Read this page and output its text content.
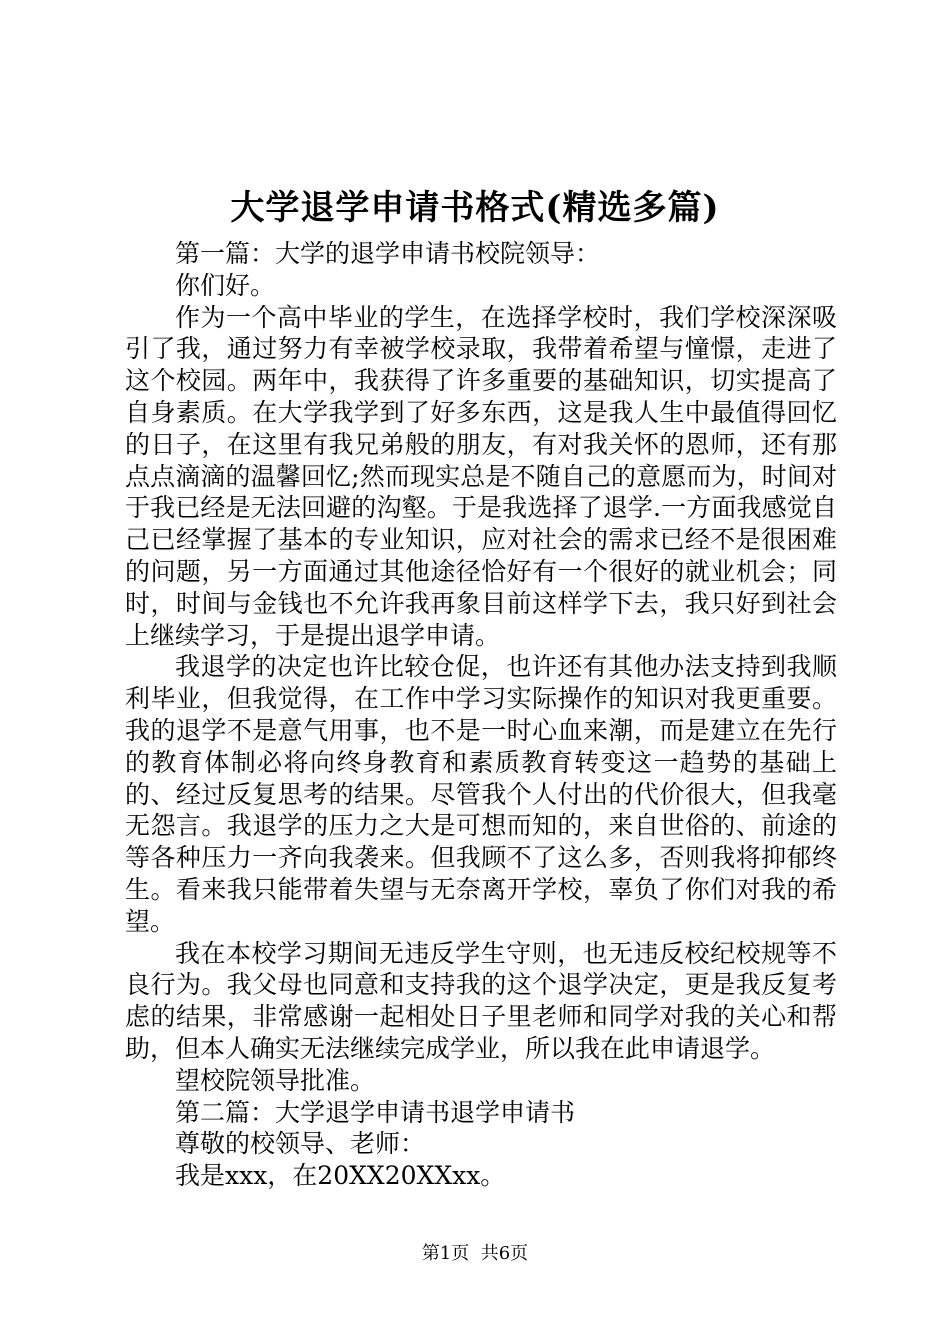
大学退学申请书格式(精选多篇)

第一篇：大学的退学申请书校院领导：

你们好。

作为一个高中毕业的学生，在选择学校时，我们学校深深吸引了我，通过努力有幸被学校录取，我带着希望与憧憬，走进了这个校园。两年中，我获得了许多重要的基础知识，切实提高了自身素质。在大学我学到了好多东西，这是我人生中最值得回忆的日子，在这里有我兄弟般的朋友，有对我关怀的恩师，还有那点点滴滴的温馨回忆;然而现实总是不随自己的意愿而为，时间对于我已经是无法回避的沟壑。于是我选择了退学.一方面我感觉自己已经掌握了基本的专业知识，应对社会的需求已经不是很困难的问题，另一方面通过其他途径恰好有一个很好的就业机会；同时，时间与金钱也不允许我再象目前这样学下去，我只好到社会上继续学习，于是提出退学申请。

我退学的决定也许比较仓促，也许还有其他办法支持到我顺利毕业，但我觉得，在工作中学习实际操作的知识对我更重要。我的退学不是意气用事，也不是一时心血来潮，而是建立在先行的教育体制必将向终身教育和素质教育转变这一趋势的基础上的、经过反复思考的结果。尽管我个人付出的代价很大，但我毫无怨言。我退学的压力之大是可想而知的，来自世俗的、前途的等各种压力一齐向我袭来。但我顾不了这么多，否则我将抑郁终生。看来我只能带着失望与无奈离开学校，辜负了你们对我的希望。

我在本校学习期间无违反学生守则，也无违反校纪校规等不良行为。我父母也同意和支持我的这个退学决定，更是我反复考虑的结果，非常感谢一起相处日子里老师和同学对我的关心和帮助，但本人确实无法继续完成学业，所以我在此申请退学。

望校院领导批准。

第二篇：大学退学申请书退学申请书

尊敬的校领导、老师：

我是xxx，在20XX20XXxx。

第1页 共6页
